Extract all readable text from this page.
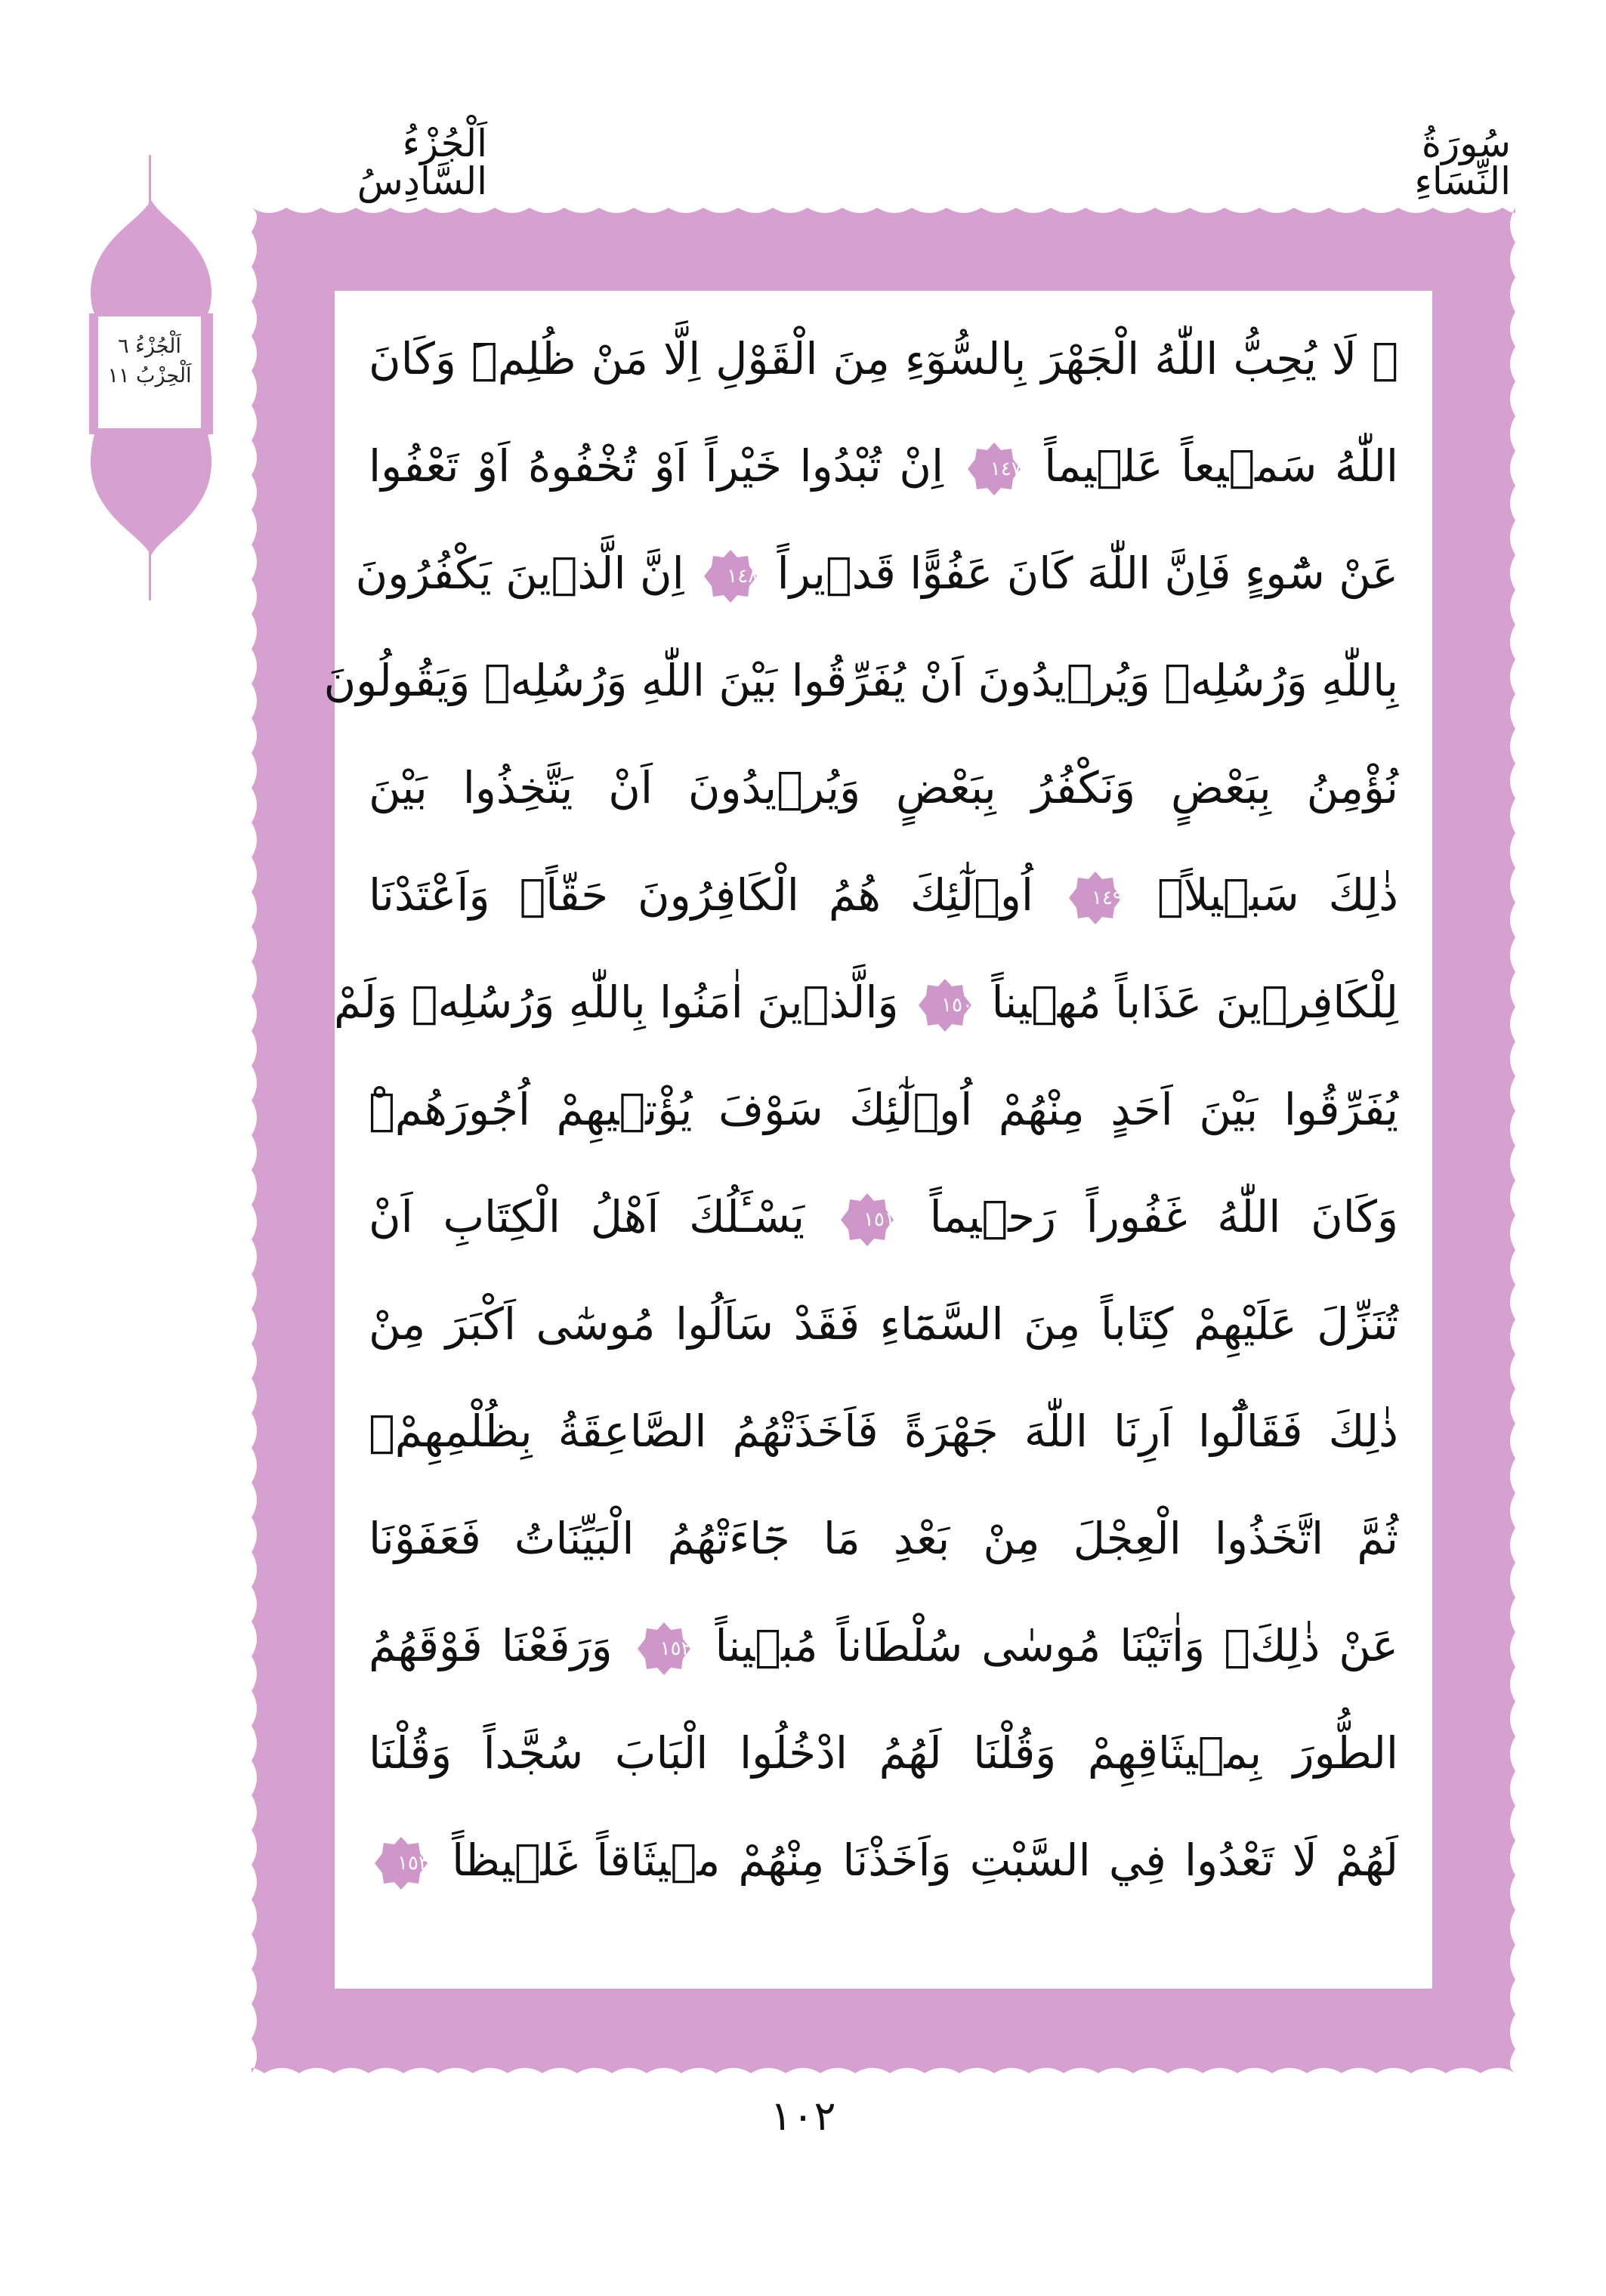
سُورَةُ النِّسَاءِ
اَلْجُزْءُ السَّادِسُ
اَلْجُزْءُ ٦
اَلْحِزْبُ ١١	۞ لَا يُحِبُّ اللّٰهُ الْجَهْرَ بِالسُّوٓءِ مِنَ الْقَوْلِ اِلَّا مَنْ ظُلِمَۜ وَكَانَ
اللّٰهُ سَم۪يعاً عَل۪يماً
١٤٧
اِنْ تُبْدُوا خَيْراً اَوْ تُخْفُوهُ اَوْ تَعْفُوا
عَنْ سُٓوءٍ فَاِنَّ اللّٰهَ كَانَ عَفُوًّا قَد۪يراً
١٤٨
اِنَّ الَّذ۪ينَ يَكْفُرُونَ
بِاللّٰهِ وَرُسُلِه۪ وَيُر۪يدُونَ اَنْ يُفَرِّقُوا بَيْنَ اللّٰهِ وَرُسُلِه۪ وَيَقُولُونَ
نُؤْمِنُ بِبَعْضٍ وَنَكْفُرُ بِبَعْضٍ وَيُر۪يدُونَ اَنْ يَتَّخِذُوا بَيْنَ
ذٰلِكَ سَب۪يلاًۙ
١٤٩
اُو۬لٰٓئِكَ هُمُ الْكَافِرُونَ حَقّاًۚ وَاَعْتَدْنَا
لِلْكَافِر۪ينَ عَذَاباً مُه۪يناً
١٥٠
وَالَّذ۪ينَ اٰمَنُوا بِاللّٰهِ وَرُسُلِه۪ وَلَمْ
يُفَرِّقُوا بَيْنَ اَحَدٍ مِنْهُمْ اُو۬لٰٓئِكَ سَوْفَ يُؤْت۪يهِمْ اُجُورَهُمْۜ
وَكَانَ اللّٰهُ غَفُوراً رَح۪يماً
١٥١
يَسْـَٔلُكَ اَهْلُ الْكِتَابِ اَنْ
تُنَزِّلَ عَلَيْهِمْ كِتَاباً مِنَ السَّمَٓاءِ فَقَدْ سَاَلُوا مُوسٰٓى اَكْبَرَ مِنْ
ذٰلِكَ فَقَالُٓوا اَرِنَا اللّٰهَ جَهْرَةً فَاَخَذَتْهُمُ الصَّاعِقَةُ بِظُلْمِهِمْۚ
ثُمَّ اتَّخَذُوا الْعِجْلَ مِنْ بَعْدِ مَا جَٓاءَتْهُمُ الْبَيِّنَاتُ فَعَفَوْنَا
عَنْ ذٰلِكَۚ وَاٰتَيْنَا مُوسٰى سُلْطَاناً مُب۪يناً
١٥٢
وَرَفَعْنَا فَوْقَهُمُ
الطُّورَ بِم۪يثَاقِهِمْ وَقُلْنَا لَهُمُ ادْخُلُوا الْبَابَ سُجَّداً وَقُلْنَا
لَهُمْ لَا تَعْدُوا فِي السَّبْتِ وَاَخَذْنَا مِنْهُمْ م۪يثَاقاً غَل۪يظاً
١٥٣
١٠٢
